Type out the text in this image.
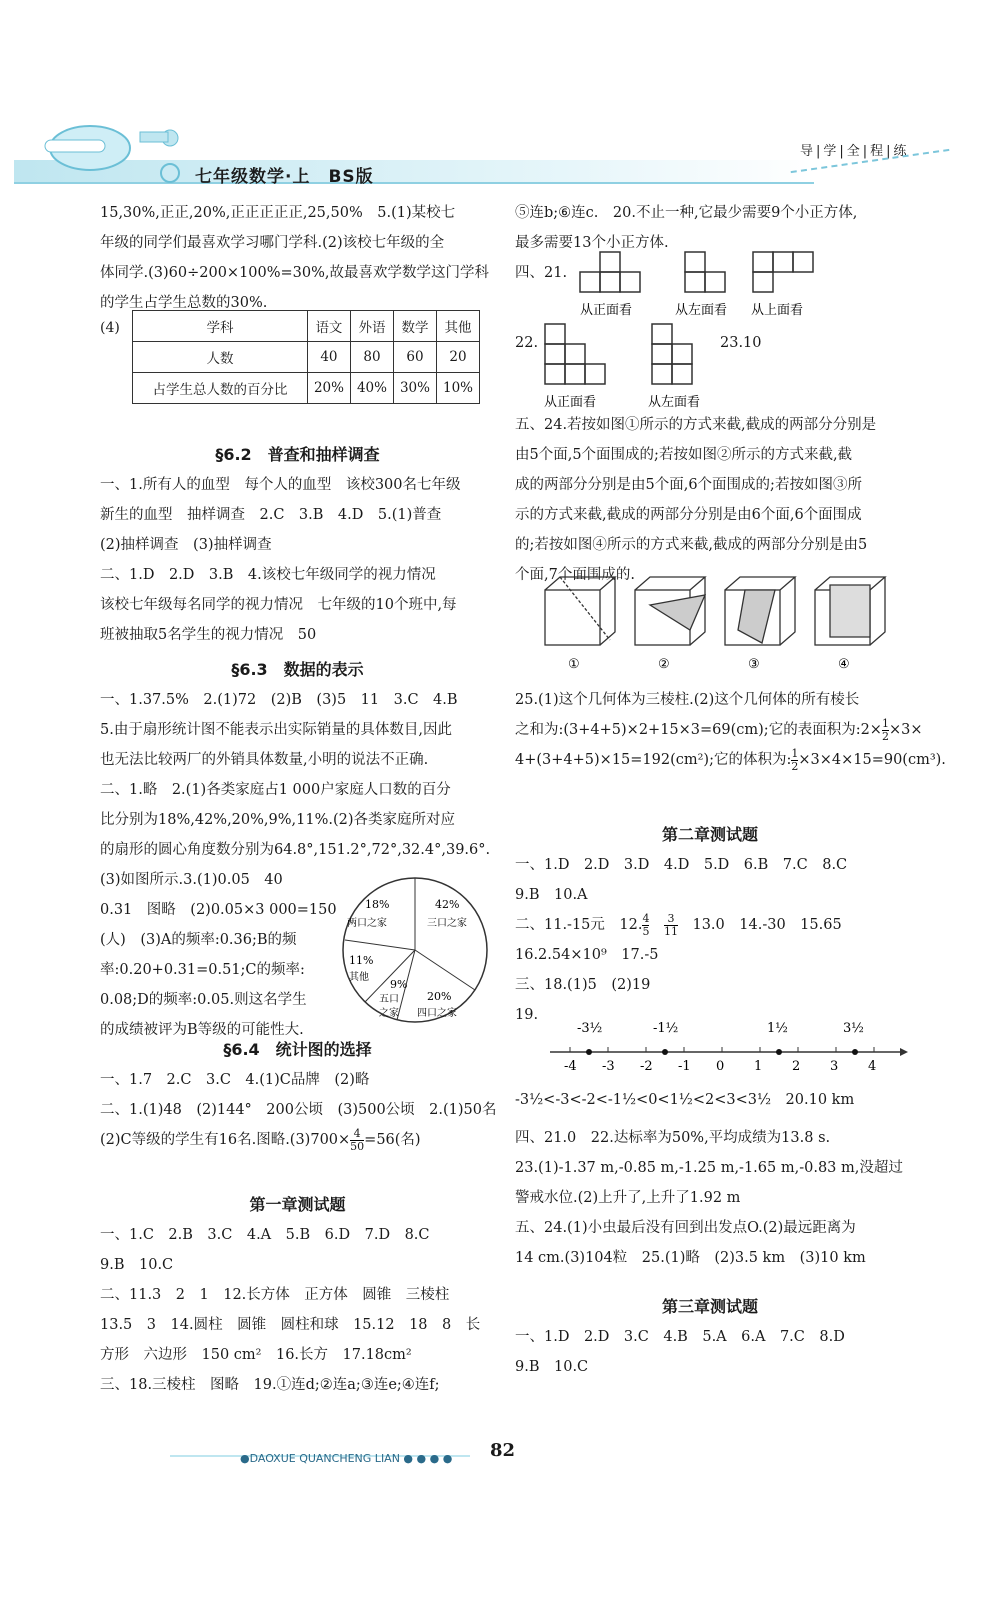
七年级数学·上　BS版
导|学|全|程|练

15,30%,正正,20%,正正正正正,25,50%　5.(1)某校七

年级的同学们最喜欢学习哪门学科.(2)该校七年级的全

体同学.(3)60÷200×100%=30%,故最喜欢学数学这门学科

的学生占学生总数的30%.

(4)	学科	语文	外语	数学	其他
人数	40	80	60	20
占学生总人数的百分比	20%	40%	30%	10%
§6.2　普查和抽样调查

一、1.所有人的血型　每个人的血型　该校300名七年级

新生的血型　抽样调查　2.C　3.B　4.D　5.(1)普查

(2)抽样调查　(3)抽样调查

二、1.D　2.D　3.B　4.该校七年级同学的视力情况

该校七年级每名同学的视力情况　七年级的10个班中,每

班被抽取5名学生的视力情况　50

§6.3　数据的表示

一、1.37.5%　2.(1)72　(2)B　(3)5　11　3.C　4.B

5.由于扇形统计图不能表示出实际销量的具体数目,因此

也无法比较两厂的外销具体数量,小明的说法不正确.

二、1.略　2.(1)各类家庭占1 000户家庭人口数的百分

比分别为18%,42%,20%,9%,11%.(2)各类家庭所对应

的扇形的圆心角度数分别为64.8°,151.2°,72°,32.4°,39.6°.

(3)如图所示.3.(1)0.05　40

0.31　图略　(2)0.05×3 000=150

(人)　(3)A的频率:0.36;B的频

率:0.20+0.31=0.51;C的频率:

0.08;D的频率:0.05.则这名学生

的成绩被评为B等级的可能性大.

18%
两口之家
42%
三口之家
11%
其他
9%
五口
之家
20%
四口之家
§6.4　统计图的选择

一、1.7　2.C　3.C　4.(1)C品牌　(2)略

二、1.(1)48　(2)144°　200公顷　(3)500公顷　2.(1)50名

(2)C等级的学生有16名.图略$.(3)700\times \frac{4}{50} =56$(名)

第一章测试题

一、1.C　2.B　3.C　4.A　5.B　6.D　7.D　8.C

9.B　10.C

二、11.3　2　1　12.长方体　正方体　圆锥　三棱柱

13.5　3　14.圆柱　圆锥　圆柱和球　15.12　18　8　长

方形　六边形　150 cm²　16.长方　17.18cm²

三、18.三棱柱　图略　19.①连d;②连a;③连e;④连f;

⑤连b;⑥连c.　20.不止一种,它最少需要9个小正方体,

最多需要13个小正方体.

四、21.

从正面看	从左面看 从上面看
22.	23.10
从正面看	从左面看

五、24.若按如图①所示的方式来截,截成的两部分分别是

由5个面,5个面围成的;若按如图②所示的方式来截,截

成的两部分分别是由5个面,6个面围成的;若按如图③所

示的方式来截,截成的两部分分别是由6个面,6个面围成

的;若按如图④所示的方式来截,截成的两部分分别是由5

个面,7个面围成的.

①	②	③	④

25.(1)这个几何体为三棱柱.(2)这个几何体的所有棱长

之和为:(3+4+5)×2+15×3=69(cm);它的表面积为:2× $\frac{1}{2} \times 3\times$

4+(3+4+5)×15=192(cm²);它的体积为: $\frac{1}{2} \times 3\times 4\times 15=90(cm^3)$.

第二章测试题

一、1.D　2.D　3.D　4.D　5.D　6.B　7.C　8.C

9.B　10.A

二、11.-15元　12. $\frac{4}{5}$
　 $\frac{3}{11}$ 　13.0　14.-30　15.65

16.2.54×10⁹　17.-5

三、18.(1)5　(2)19

19.

-4 -3 -2 -1 0 1 2 3 4
-3½	-1½	1½	3½

-3½<-3<-2<-1½<0<1½<2<3<3½　20.10 km

四、21.0　22.达标率为50%,平均成绩为13.8 s.

23.(1)-1.37 m,-0.85 m,-1.25 m,-1.65 m,-0.83 m,没超过

警戒水位.(2)上升了,上升了1.92 m

五、24.(1)小虫最后没有回到出发点O.(2)最远距离为

14 cm.(3)104粒　25.(1)略　(2)3.5 km　(3)10 km

第三章测试题

一、1.D　2.D　3.C　4.B　5.A　6.A　7.C　8.D

9.B　10.C

●DAOXUE QUANCHENG LIAN ● ● ● ● 82
